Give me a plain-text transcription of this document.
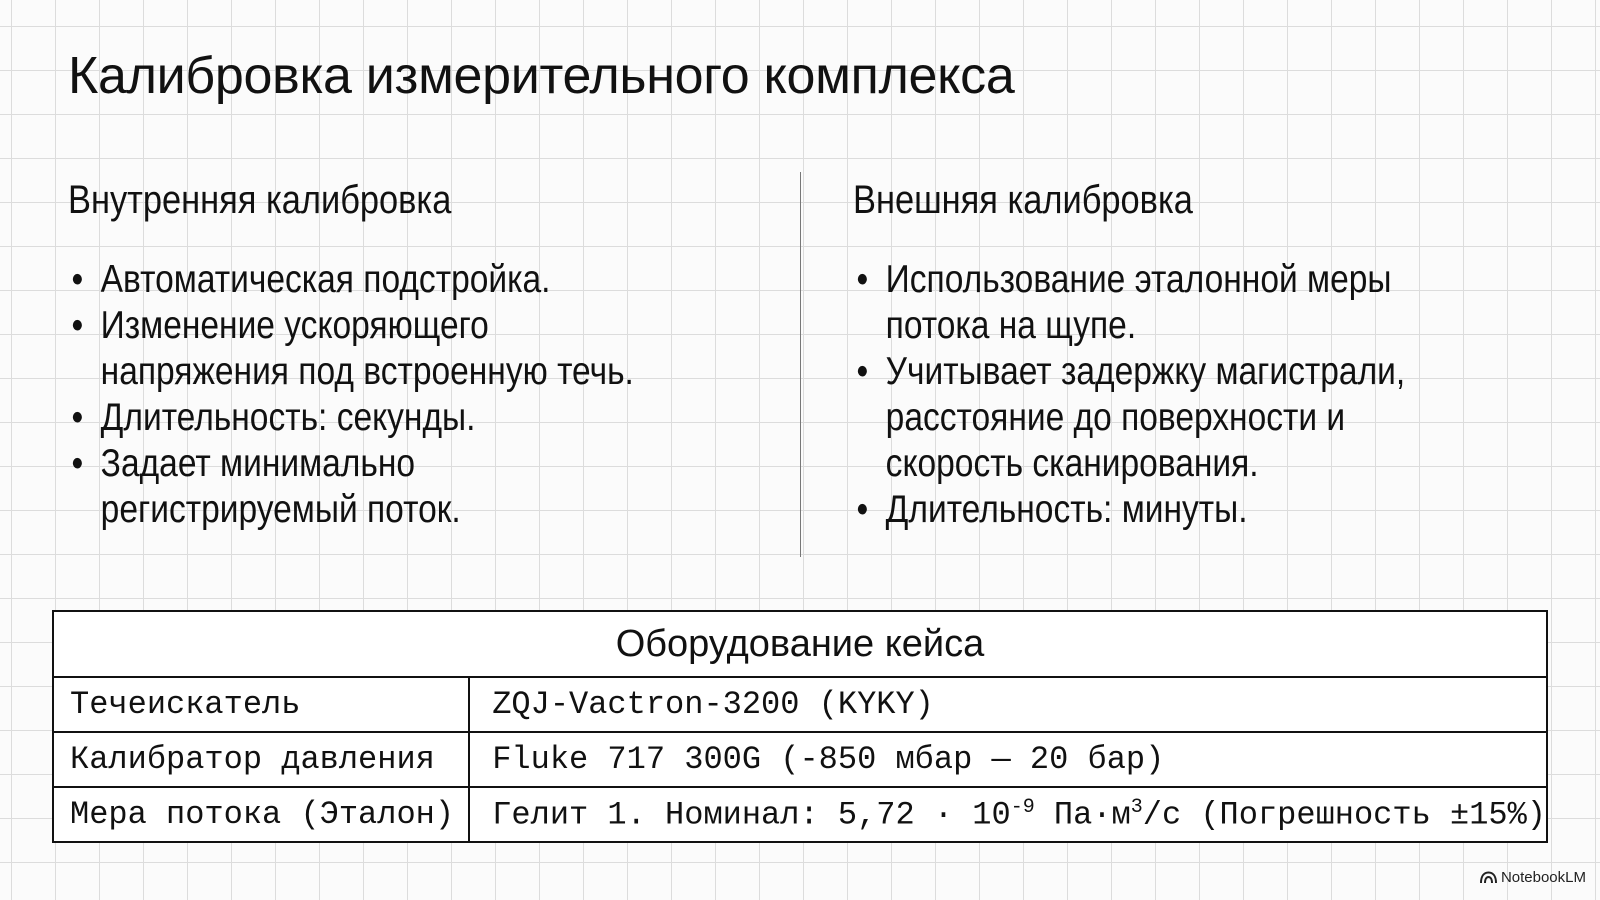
Калибровка измерительного комплекса
Внутренняя калибровка
• Автоматическая подстройка.
• Изменение ускоряющего напряжения под встроенную течь.
• Длительность: секунды.
• Задает минимально регистрируемый поток.
Внешняя калибровка
• Использование эталонной меры потока на щупе.
• Учитывает задержку магистрали, расстояние до поверхности и скорость сканирования.
• Длительность: минуты.
Оборудование кейса	
Течеискатель	ZQJ-Vactron-3200 (KYKY)
Калибратор давления	Fluke 717 300G (-850 мбар — 20 бар)
Мера потока (Эталон)	Гелит 1. Номинал: $5,72 \cdot 10^{-9}$ $Па\cdot м^3/с$ (Погрешность ±15%)
NotebookLM
